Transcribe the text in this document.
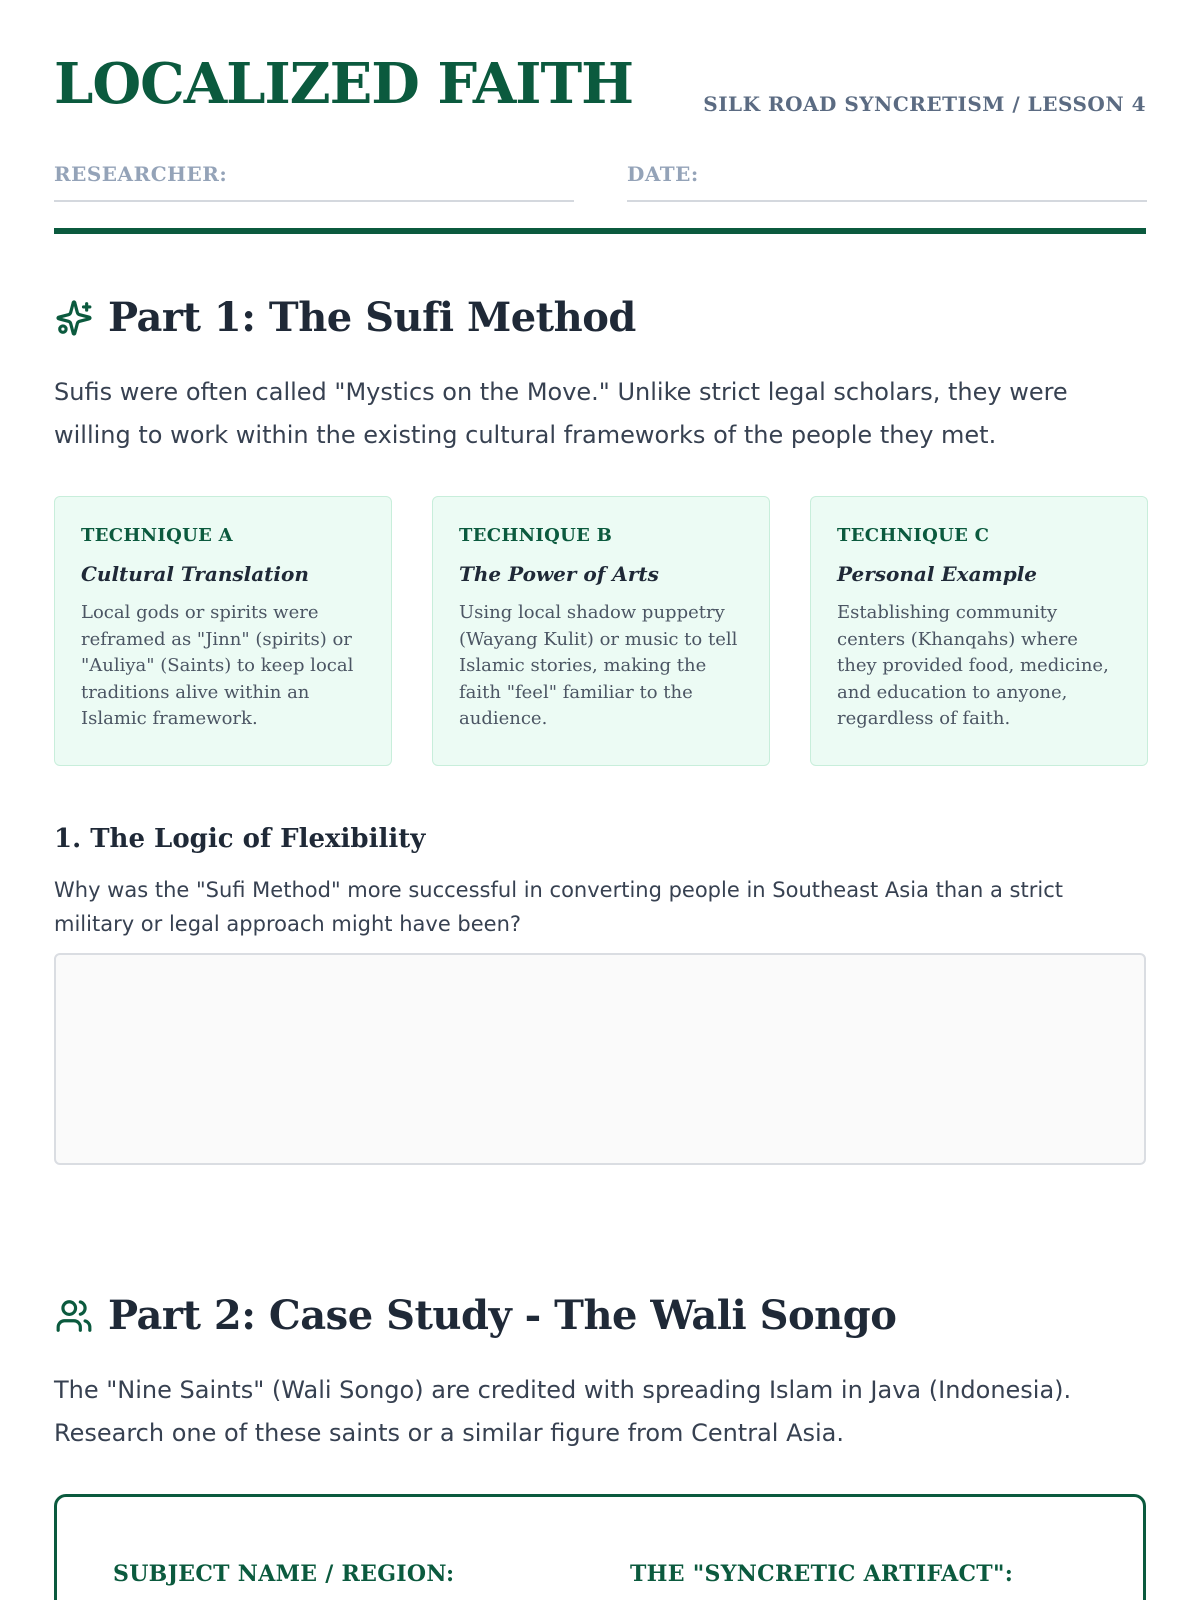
LOCALIZED FAITH	SILK ROAD SYNCRETISM / LESSON 4
RESEARCHER:	DATE:
Part 1: The Sufi Method

Sufis were often called "Mystics on the Move." Unlike strict legal scholars, they were willing to work within the existing cultural frameworks of the people they met.

TECHNIQUE A
Cultural Translation
Local gods or spirits were reframed as "Jinn" (spirits) or "Auliya" (Saints) to keep local traditions alive within an Islamic framework.
TECHNIQUE B
The Power of Arts
Using local shadow puppetry (Wayang Kulit) or music to tell Islamic stories, making the faith "feel" familiar to the audience.
TECHNIQUE C
Personal Example
Establishing community centers (Khanqahs) where they provided food, medicine, and education to anyone, regardless of faith.
1. The Logic of Flexibility

Why was the "Sufi Method" more successful in converting people in Southeast Asia than a strict military or legal approach might have been?

Part 2: Case Study - The Wali Songo

The "Nine Saints" (Wali Songo) are credited with spreading Islam in Java (Indonesia). Research one of these saints or a similar figure from Central Asia.

SUBJECT NAME / REGION:	THE "SYNCRETIC ARTIFACT":
